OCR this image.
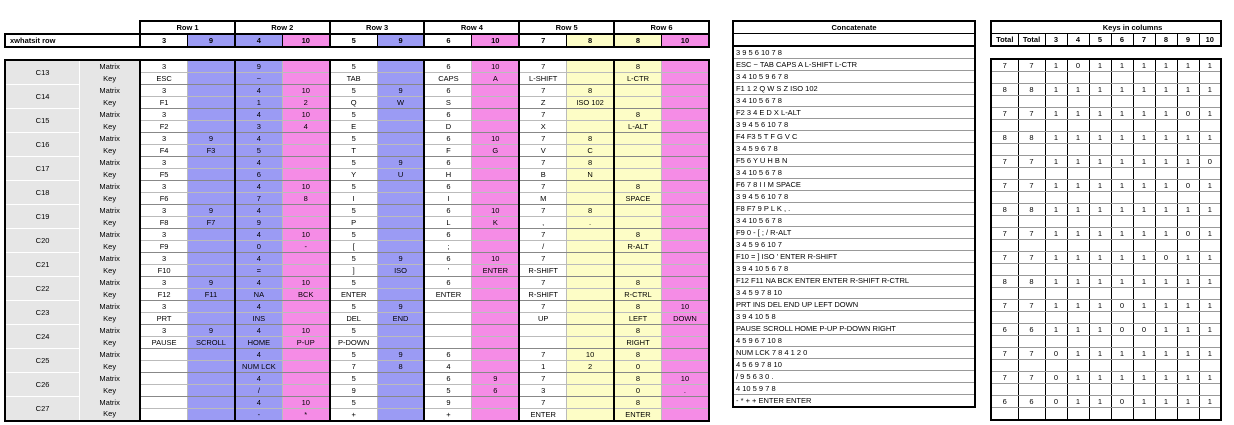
		Row 1		Row 2		Row 3		Row 4		Row 5		Row 6	
xwhatsit row		3	9	4	10	5	9	6	10	7	8	8	10

C13	Matrix	3		9		5		6	10	7		8	
	Key	ESC		~		TAB		CAPS	A	L-SHIFT		L-CTR	
C14	Matrix	3		4	10	5	9	6		7	8		
	Key	F1		1	2	Q	W	S		Z	ISO 102		
C15	Matrix	3		4	10	5		6		7		8	
	Key	F2		3	4	E		D		X		L-ALT	
C16	Matrix	3	9	4		5		6	10	7	8		
	Key	F4	F3	5		T		F	G	V	C		
C17	Matrix	3		4		5	9	6		7	8		
	Key	F5		6		Y	U	H		B	N		
C18	Matrix	3		4	10	5		6		7		8	
	Key	F6		7	8	I		I		M		SPACE	
C19	Matrix	3	9	4		5		6	10	7	8		
	Key	F8	F7	9		P		L	K	,	.		
C20	Matrix	3		4	10	5		6		7		8	
	Key	F9		0	-	[		;		/		R-ALT	
C21	Matrix	3		4		5	9	6	10	7			
	Key	F10		=		]	ISO	'	ENTER	R-SHIFT			
C22	Matrix	3	9	4	10	5		6		7		8	
	Key	F12	F11	NA	BCK	ENTER		ENTER		R-SHIFT		R-CTRL	
C23	Matrix	3		4		5	9			7		8	10
	Key	PRT		INS		DEL	END			UP		LEFT	DOWN
C24	Matrix	3	9	4	10	5						8	
	Key	PAUSE	SCROLL	HOME	P-UP	P-DOWN						RIGHT	
C25	Matrix			4		5	9	6		7	10	8	
	Key			NUM LCK		7	8	4		1	2	0	
C26	Matrix			4		5		6	9	7		8	10
	Key			/		9		5	6	3		0	.
C27	Matrix			4	10	5		9		7		8	
	Key			-	*	+		+		ENTER		ENTER	
Concatenate

3 9 5 6 10 7 8
ESC ~ TAB CAPS A L-SHIFT L-CTR
3 4 10 5 9 6 7 8
F1 1 2 Q W S Z ISO 102
3 4 10 5 6 7 8
F2 3 4 E D X L-ALT
3 9 4 5 6 10 7 8
F4 F3 5 T F G V C
3 4 5 9 6 7 8
F5 6 Y U H B N
3 4 10 5 6 7 8
F6 7 8 I I M SPACE
3 9 4 5 6 10 7 8
F8 F7 9 P L K , .
3 4 10 5 6 7 8
F9 0 - [ ; / R-ALT
3 4 5 9 6 10 7
F10 = ] ISO ' ENTER R-SHIFT
3 9 4 10 5 6 7 8
F12 F11 NA BCK ENTER ENTER R-SHIFT R-CTRL
3 4 5 9 7 8 10
PRT INS DEL END UP LEFT DOWN
3 9 4 10 5 8
PAUSE SCROLL HOME P-UP P-DOWN RIGHT
4 5 9 6 7 10 8
NUM LCK 7 8 4 1 2 0
4 5 6 9 7 8 10
/ 9 5 6 3 0 .
4 10 5 9 7 8
- * + + ENTER ENTER
		Keys in columns							
Total	Total	3	4	5	6	7	8	9	10

7	7	1	0	1	1	1	1	1	1

8	8	1	1	1	1	1	1	1	1

7	7	1	1	1	1	1	1	0	1

8	8	1	1	1	1	1	1	1	1

7	7	1	1	1	1	1	1	1	0

7	7	1	1	1	1	1	1	0	1

8	8	1	1	1	1	1	1	1	1

7	7	1	1	1	1	1	1	0	1

7	7	1	1	1	1	1	0	1	1

8	8	1	1	1	1	1	1	1	1

7	7	1	1	1	0	1	1	1	1

6	6	1	1	1	0	0	1	1	1

7	7	0	1	1	1	1	1	1	1

7	7	0	1	1	1	1	1	1	1

6	6	0	1	1	0	1	1	1	1
